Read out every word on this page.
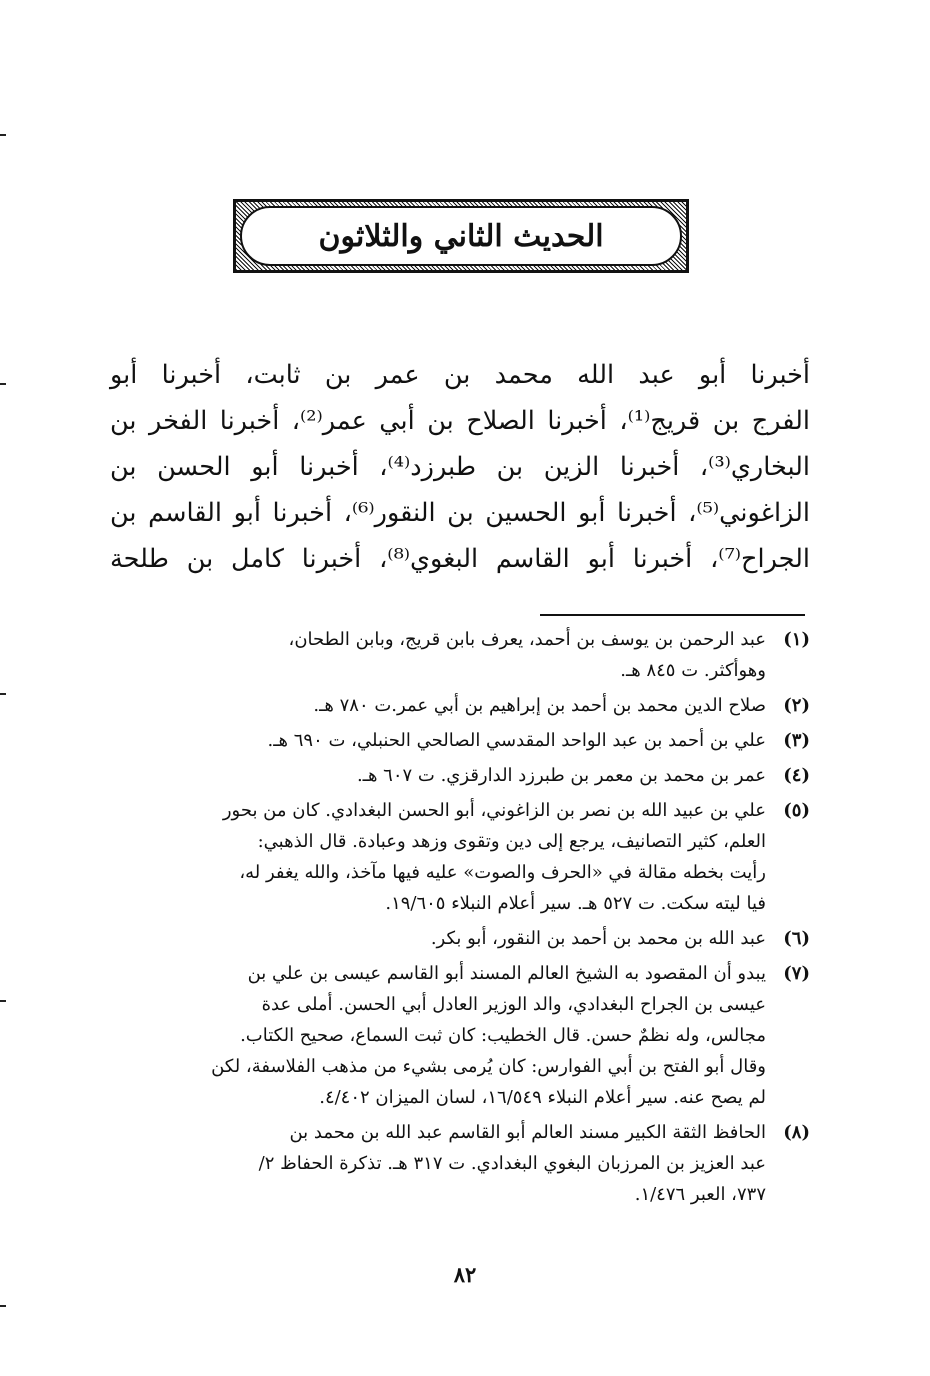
الحديث الثاني والثلاثون
أخبرنا أبو عبد الله محمد بن عمر بن ثابت، أخبرنا أبو
الفرج بن قريج⁽¹⁾، أخبرنا الصلاح بن أبي عمر⁽²⁾، أخبرنا الفخر بن
البخاري⁽³⁾، أخبرنا الزين بن طبرزد⁽⁴⁾، أخبرنا أبو الحسن بن
الزاغوني⁽⁵⁾، أخبرنا أبو الحسين بن النقور⁽⁶⁾، أخبرنا أبو القاسم بن
الجراح⁽⁷⁾، أخبرنا أبو القاسم البغوي⁽⁸⁾، أخبرنا كامل بن طلحة
(١)
عبد الرحمن بن يوسف بن أحمد، يعرف بابن قريج، وبابن الطحان،
وهوأكثر. ت ٨٤٥ هـ.
(٢)
صلاح الدين محمد بن أحمد بن إبراهيم بن أبي عمر.ت ٧٨٠ هـ.
(٣)
علي بن أحمد بن عبد الواحد المقدسي الصالحي الحنبلي، ت ٦٩٠ هـ.
(٤)
عمر بن محمد بن معمر بن طبرزد الدارقزي. ت ٦٠٧ هـ.
(٥)
علي بن عبيد الله بن نصر بن الزاغوني، أبو الحسن البغدادي. كان من بحور
العلم، كثير التصانيف، يرجع إلى دين وتقوى وزهد وعبادة. قال الذهبي:
رأيت بخطه مقالة في «الحرف والصوت» عليه فيها مآخذ، والله يغفر له،
فيا ليته سكت. ت ٥٢٧ هـ. سير أعلام النبلاء ١٩/٦٠٥.
(٦)
عبد الله بن محمد بن أحمد بن النقور، أبو بكر.
(٧)
يبدو أن المقصود به الشيخ العالم المسند أبو القاسم عيسى بن علي بن
عيسى بن الجراح البغدادي، والد الوزير العادل أبي الحسن. أملى عدة
مجالس، وله نظمٌ حسن. قال الخطيب: كان ثبت السماع، صحيح الكتاب.
وقال أبو الفتح بن أبي الفوارس: كان يُرمى بشيء من مذهب الفلاسفة، لكن
لم يصح عنه. سير أعلام النبلاء ١٦/٥٤٩، لسان الميزان ٤/٤٠٢.
(٨)
الحافظ الثقة الكبير مسند العالم أبو القاسم عبد الله بن محمد بن
عبد العزيز بن المرزبان البغوي البغدادي. ت ٣١٧ هـ. تذكرة الحفاظ ٢/
٧٣٧، العبر ١/٤٧٦.
٨٢
